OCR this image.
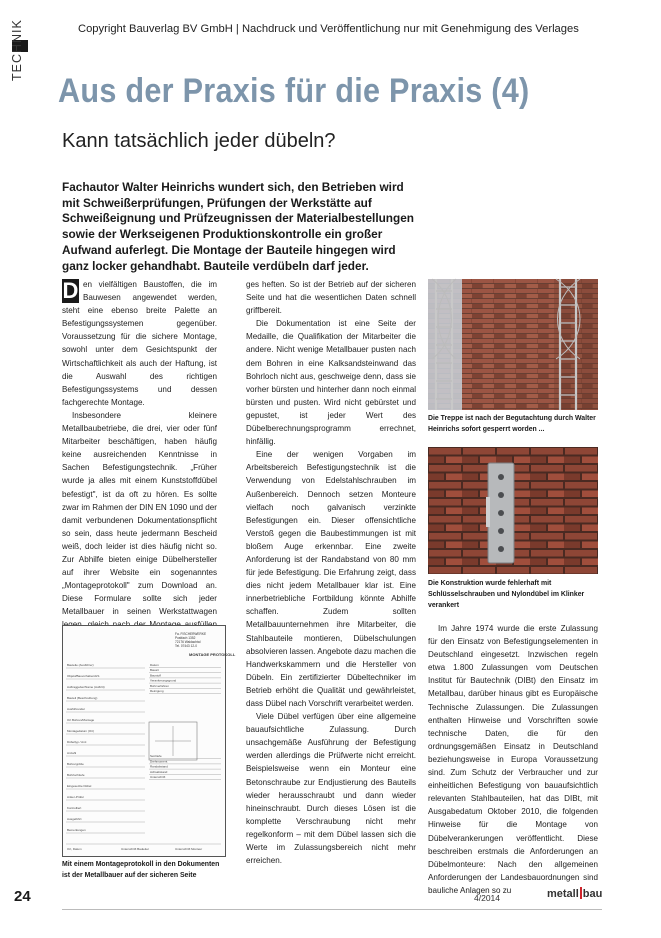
TECHNIK	Copyright Bauverlag BV GmbH | Nachdruck und Veröffentlichung nur mit Genehmigung des Verlages
Aus der Praxis für die Praxis (4)
Kann tatsächlich jeder dübeln?
Fachautor Walter Heinrichs wundert sich, den Betrieben wird mit Schweißerprüfungen, Prüfungen der Werkstätte auf Schweißeignung und Prüfzeugnissen der Materialbestellungen sowie der Werkseigenen Produktionskontrolle ein großer Aufwand auferlegt. Die Montage der Bauteile hingegen wird ganz locker gehandhabt. Bauteile verdübeln darf jeder.

D en vielfältigen Baustoffen, die im Bauwesen angewendet werden, steht eine ebenso breite Palette an Befestigungssystemen gegenüber. Voraussetzung für die sichere Montage, sowohl unter dem Gesichtspunkt der Wirtschaftlichkeit als auch der Haftung, ist die Auswahl des richtigen Befestigungssystems und dessen fachgerechte Montage.

Insbesondere kleinere Metallbaubetriebe, die drei, vier oder fünf Mitarbeiter beschäftigen, haben häufig keine ausreichenden Kenntnisse in Sachen Befestigungstechnik. „Früher wurde ja alles mit einem Kunststoffdübel befestigt", ist da oft zu hören. Es sollte zwar im Rahmen der DIN EN 1090 und der damit verbundenen Dokumentationspflicht so sein, dass heute jedermann Bescheid weiß, doch leider ist dies häufig nicht so. Zur Abhilfe bieten einige Dübelhersteller auf ihrer Website ein sogenanntes „Montageprotokoll" zum Download an. Diese Formulare sollte sich jeder Metallbauer in seinen Werkstattwagen

Fa. FISCHERWERKE
Postfach 1352
72176 Waldachtal
Tel. 07443 12-0
MONTAGE PROTOKOLL
Bauteile (Ausführer)
Objekt/Bauvorhaben/HS
Auftraggeber/Name (Auftritt)
Bauteil (Beschreibung)
Ausführender
Ort Bohren/Montage
Montagedatum (Ort)
Dübeltyp / Anz.
Anzahl
Bohrergröße
Bohrlochtiefe
Eingesetzte Dübel
Anker-Prüfer
Kontrolliert
Ausgeführt
Bemerkungen
Datum
Bauart
Baustoff
Verankerungsgrund
Bohrverfahren
Reinigung
Setztiefe
Drehmoment
Randabstand
Achsabstand
Unterschrift
Ort, Datum	Unterschrift Bauleiter	Unterschrift Monteur
Mit einem Montageprotokoll in den Dokumenten ist der Metallbauer auf der sicheren Seite

ges heften. So ist der Betrieb auf der sicheren Seite und hat die wesentlichen Daten schnell griffbereit.

Die Dokumentation ist eine Seite der Medaille, die Qualifikation der Mitarbeiter die andere. Nicht wenige Metallbauer pusten nach dem Bohren in eine Kalksandsteinwand das Bohrloch nicht aus, geschweige denn, dass sie vorher bürsten und hinterher dann noch einmal bürsten und pusten. Wird nicht gebürstet und gepustet, ist jeder Wert des Dübelberechnungsprogramm errechnet, hinfällig.

Eine der wenigen Vorgaben im Arbeitsbereich Befestigungstechnik ist die Verwendung von Edelstahlschrauben im Außenbereich. Dennoch setzen Monteure vielfach noch galvanisch verzinkte Befestigungen ein. Dieser offensichtliche Verstoß gegen die Baubestimmungen ist mit bloßem Auge erkennbar. Eine zweite Anforderung ist der Randabstand von 80 mm für jede Befestigung. Die Erfahrung zeigt, dass dies nicht jedem Metallbauer klar ist. Eine innerbetriebliche Fortbildung könnte Abhilfe schaffen. Zudem sollten Metallbauunternehmen ihre Mitarbeiter, die Stahlbauteile montieren, Dübelschulungen absolvieren lassen. Angebote dazu machen die Handwerkskammern und die Hersteller von Dübeln. Ein zertifizierter Dübeltechniker im Betrieb erhöht die Qualität und gewährleistet, dass Dübel nach Vorschrift verarbeitet werden.

Viele Dübel verfügen über eine allgemeine bauaufsichtliche Zulassung. Durch unsachgemäße Ausführung der Befestigung werden allerdings die Prüfwerte nicht erreicht. Beispielsweise wenn ein Monteur eine Betonschraube zur Endjustierung des Bauteils wieder herausschraubt und dann wieder hineinschraubt. Durch dieses Lösen ist die komplette Verschraubung nicht mehr regelkonform – mit dem Dübel lassen sich die Werte im Zulassungsbereich nicht mehr erreichen.

Die Treppe ist nach der Begutachtung durch Walter Heinrichs sofort gesperrt worden ...
Die Konstruktion wurde fehlerhaft mit Schlüsselschrauben und Nylondübel im Klinker verankert

Im Jahre 1974 wurde die erste Zulassung für den Einsatz von Befestigungselementen in Deutschland eingesetzt. Inzwischen regeln etwa 1.800 Zulassungen vom Deutschen Institut für Bautechnik (DIBt) den Einsatz im Metallbau, darüber hinaus gibt es Europäische Technische Zulassungen. Die Zulassungen enthalten Hinweise und Vorschriften sowie technische Daten, die für den ordnungsgemäßen Einsatz in Deutschland beziehungsweise in Europa Voraussetzung sind. Zum Schutz der Verbraucher und zur einheitlichen Befestigung von bauaufsichtlich relevanten Stahlbauteilen, hat das DIBt, mit Ausgabedatum Oktober 2010, die folgenden Hinweise für die Montage von Dübelverankerungen veröffentlicht. Diese beschreiben erstmals die Anforderungen an Dübelmonteure: Nach den allgemeinen Anforderungen der Landesbauordnungen sind bauliche Anlagen so zu

24	4/2014	metall bau
